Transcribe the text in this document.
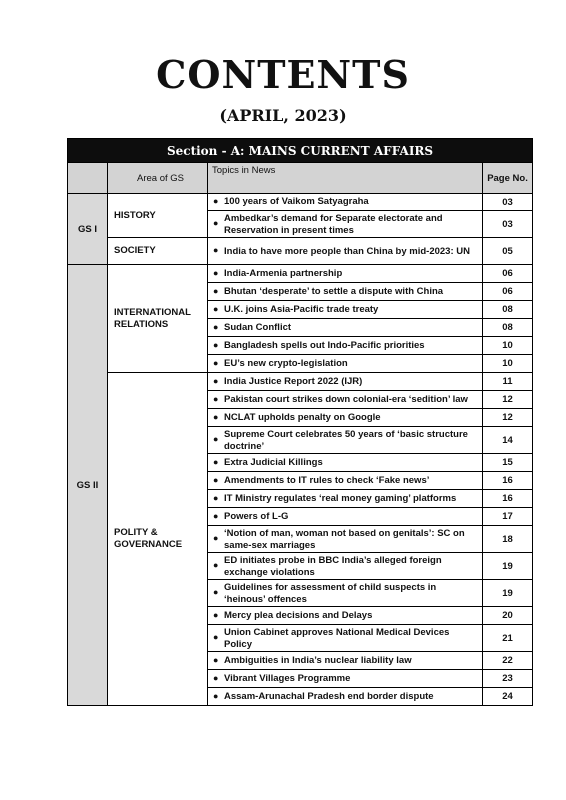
CONTENTS
(APRIL, 2023)
Section - A: MAINS CURRENT AFFAIRS			
	Area of GS	Topics in News	Page No.
GS I	HISTORY	● 100 years of Vaikom Satyagraha	03

		● Ambedkar’s demand for Separate electorate and Reservation in present times	03
	SOCIETY	● India to have more people than China by mid-2023: UN	05
GS II	INTERNATIONAL RELATIONS	● India-Armenia partnership	06

		● Bhutan ‘desperate’ to settle a dispute with China	06

		● U.K. joins Asia-Pacific trade treaty	08

		● Sudan Conflict	08

		● Bangladesh spells out Indo-Pacific priorities	10

		● EU’s new crypto-legislation	10
	POLITY & GOVERNANCE	● India Justice Report 2022 (IJR)	11

		● Pakistan court strikes down colonial-era ‘sedition’ law	12

		● NCLAT upholds penalty on Google	12

		● Supreme Court celebrates 50 years of ‘basic structure doctrine’	14

		● Extra Judicial Killings	15

		● Amendments to IT rules to check ‘Fake news’	16

		● IT Ministry regulates ‘real money gaming’ platforms	16

		● Powers of L-G	17

		● ‘Notion of man, woman not based on genitals’: SC on same-sex marriages	18

		● ED initiates probe in BBC India’s alleged foreign exchange violations	19

		● Guidelines for assessment of child suspects in ‘heinous’ offences	19

		● Mercy plea decisions and Delays	20

		● Union Cabinet approves National Medical Devices Policy	21

		● Ambiguities in India’s nuclear liability law	22

		● Vibrant Villages Programme	23

		● Assam-Arunachal Pradesh end border dispute	24
